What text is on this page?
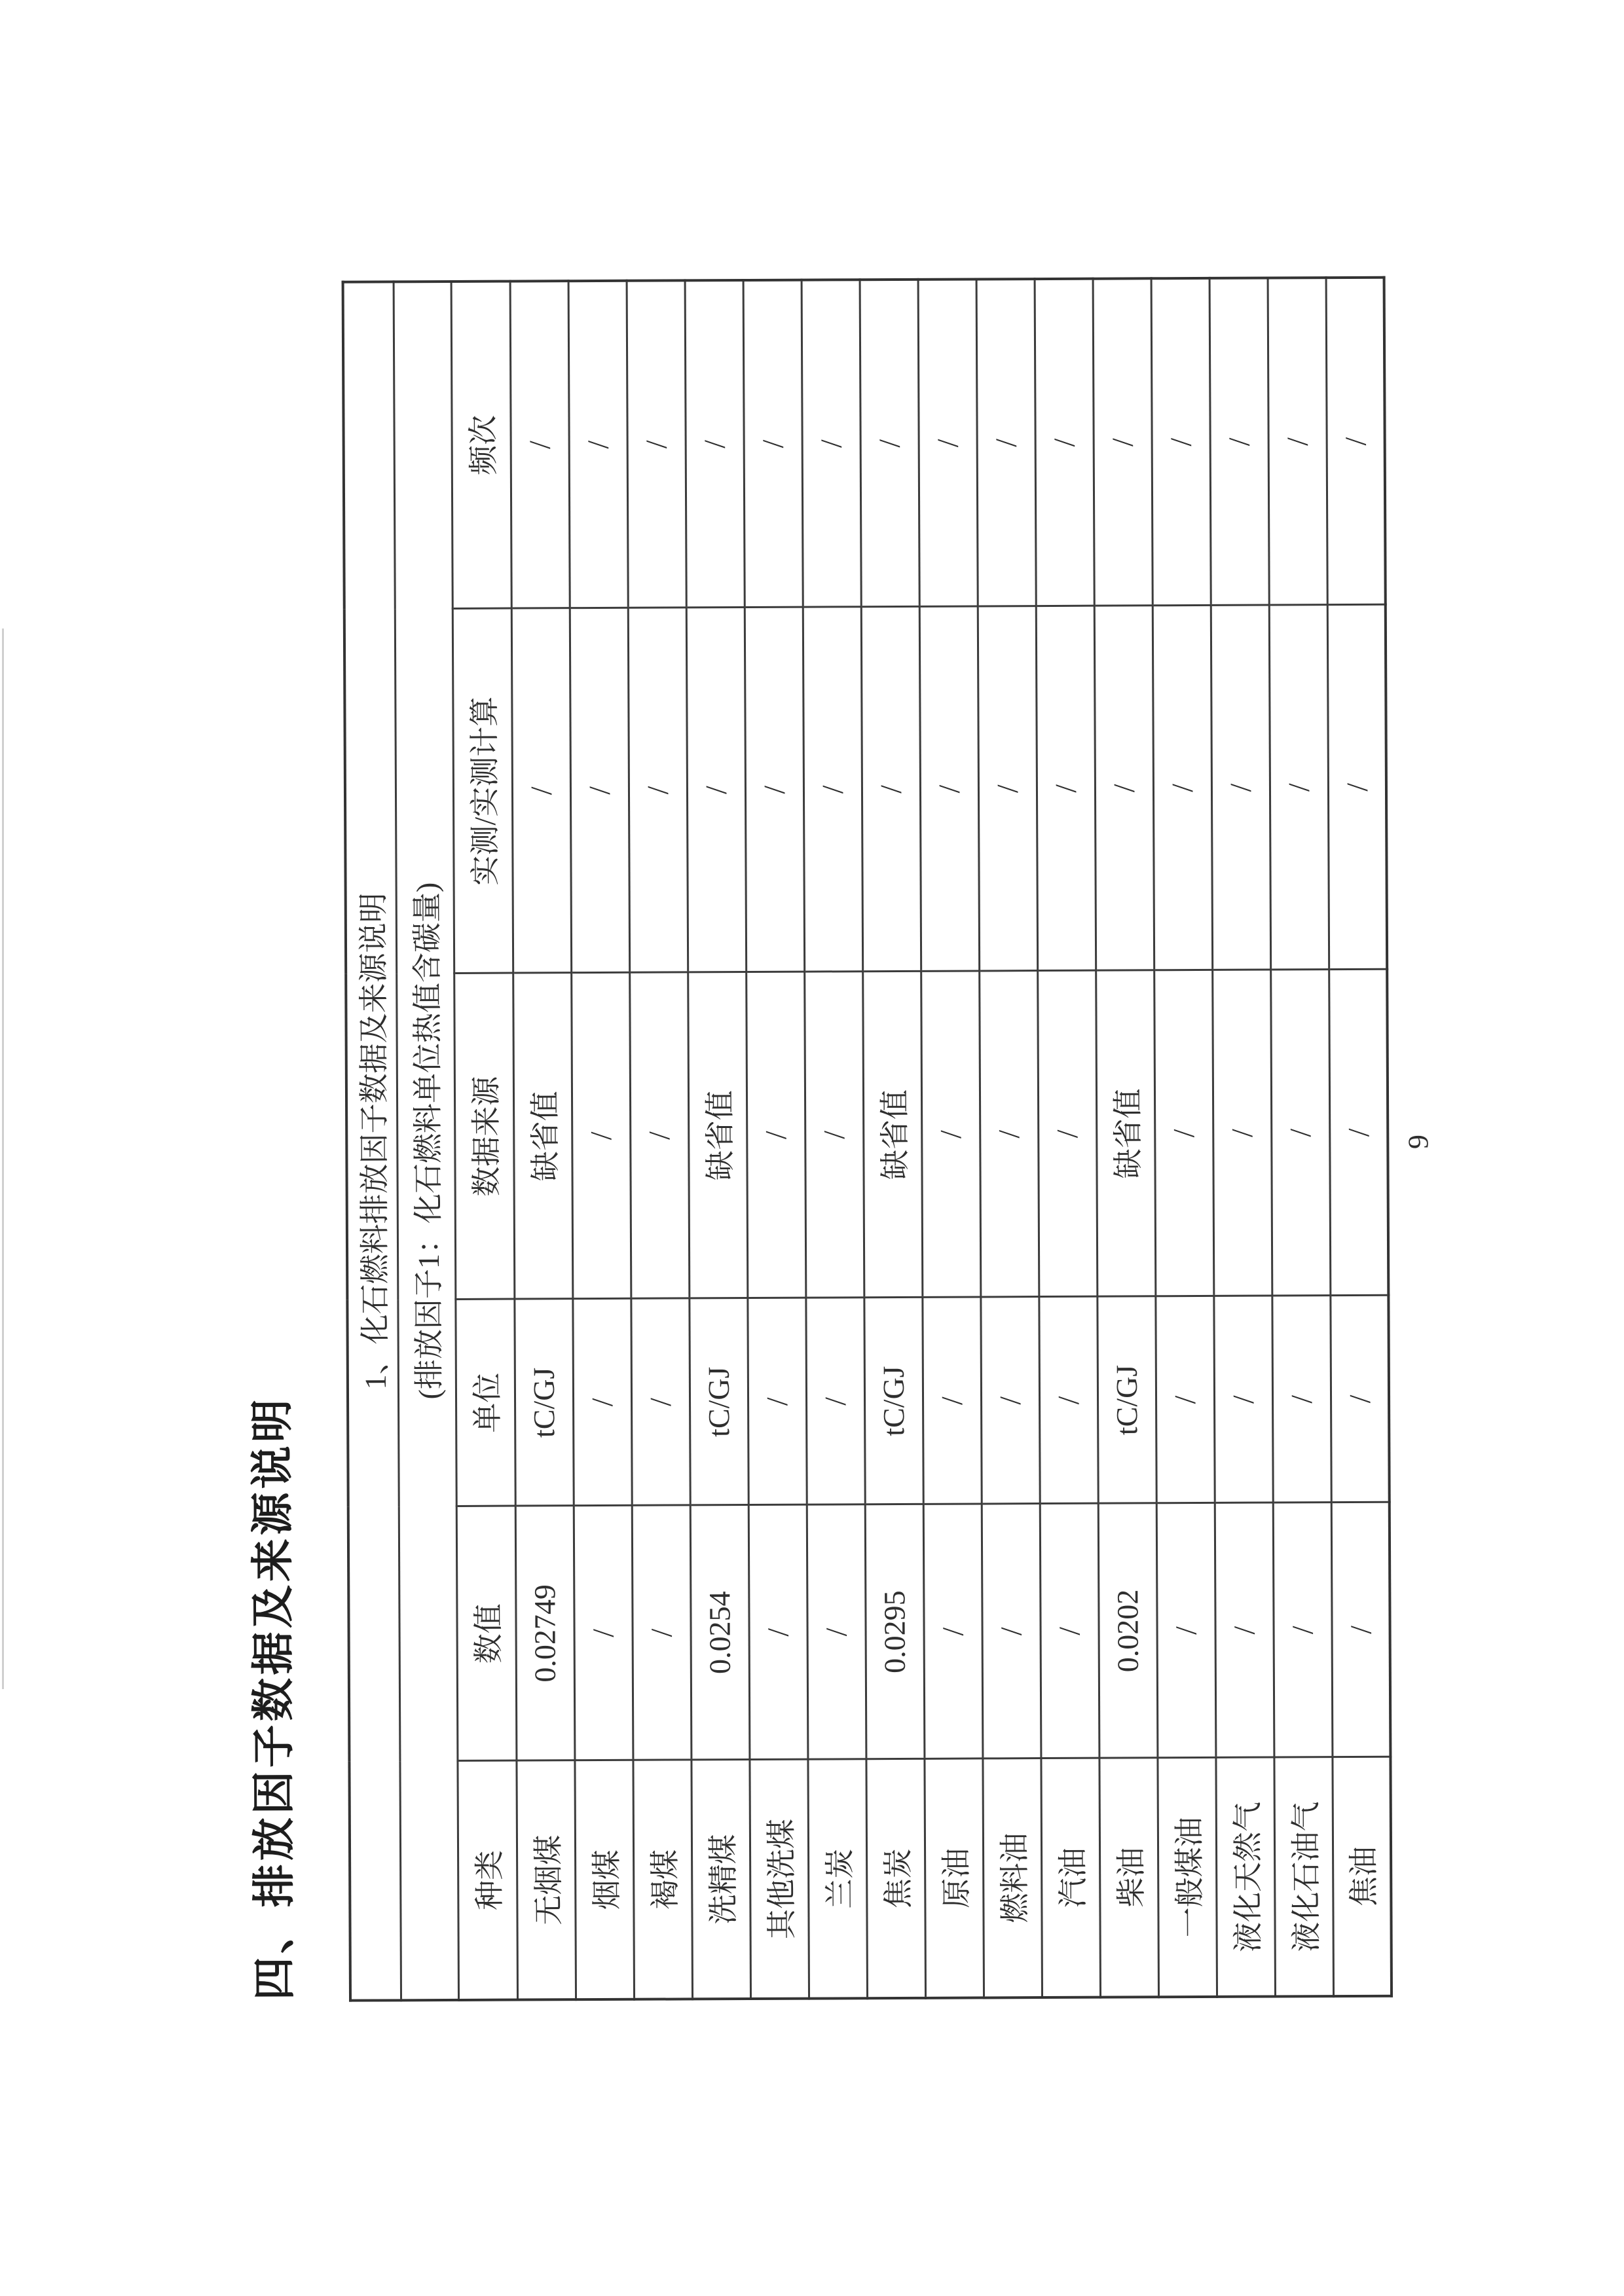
四、排放因子数据及来源说明
1、化石燃料排放因子数据及来源说明					
(排放因子1：化石燃料单位热值含碳量)					
种类	数值	单位	数据来源	实测/实测计算	频次
无烟煤	0.02749	tC/GJ	缺省值	/	/
烟煤	/	/	/	/	/
褐煤	/	/	/	/	/
洗精煤	0.0254	tC/GJ	缺省值	/	/
其他洗煤	/	/	/	/	/
兰炭	/	/	/	/	/
焦炭	0.0295	tC/GJ	缺省值	/	/
原油	/	/	/	/	/
燃料油	/	/	/	/	/
汽油	/	/	/	/	/
柴油	0.0202	tC/GJ	缺省值	/	/
一般煤油	/	/	/	/	/
液化天然气	/	/	/	/	/
液化石油气	/	/	/	/	/
焦油	/	/	/	/	/
9
